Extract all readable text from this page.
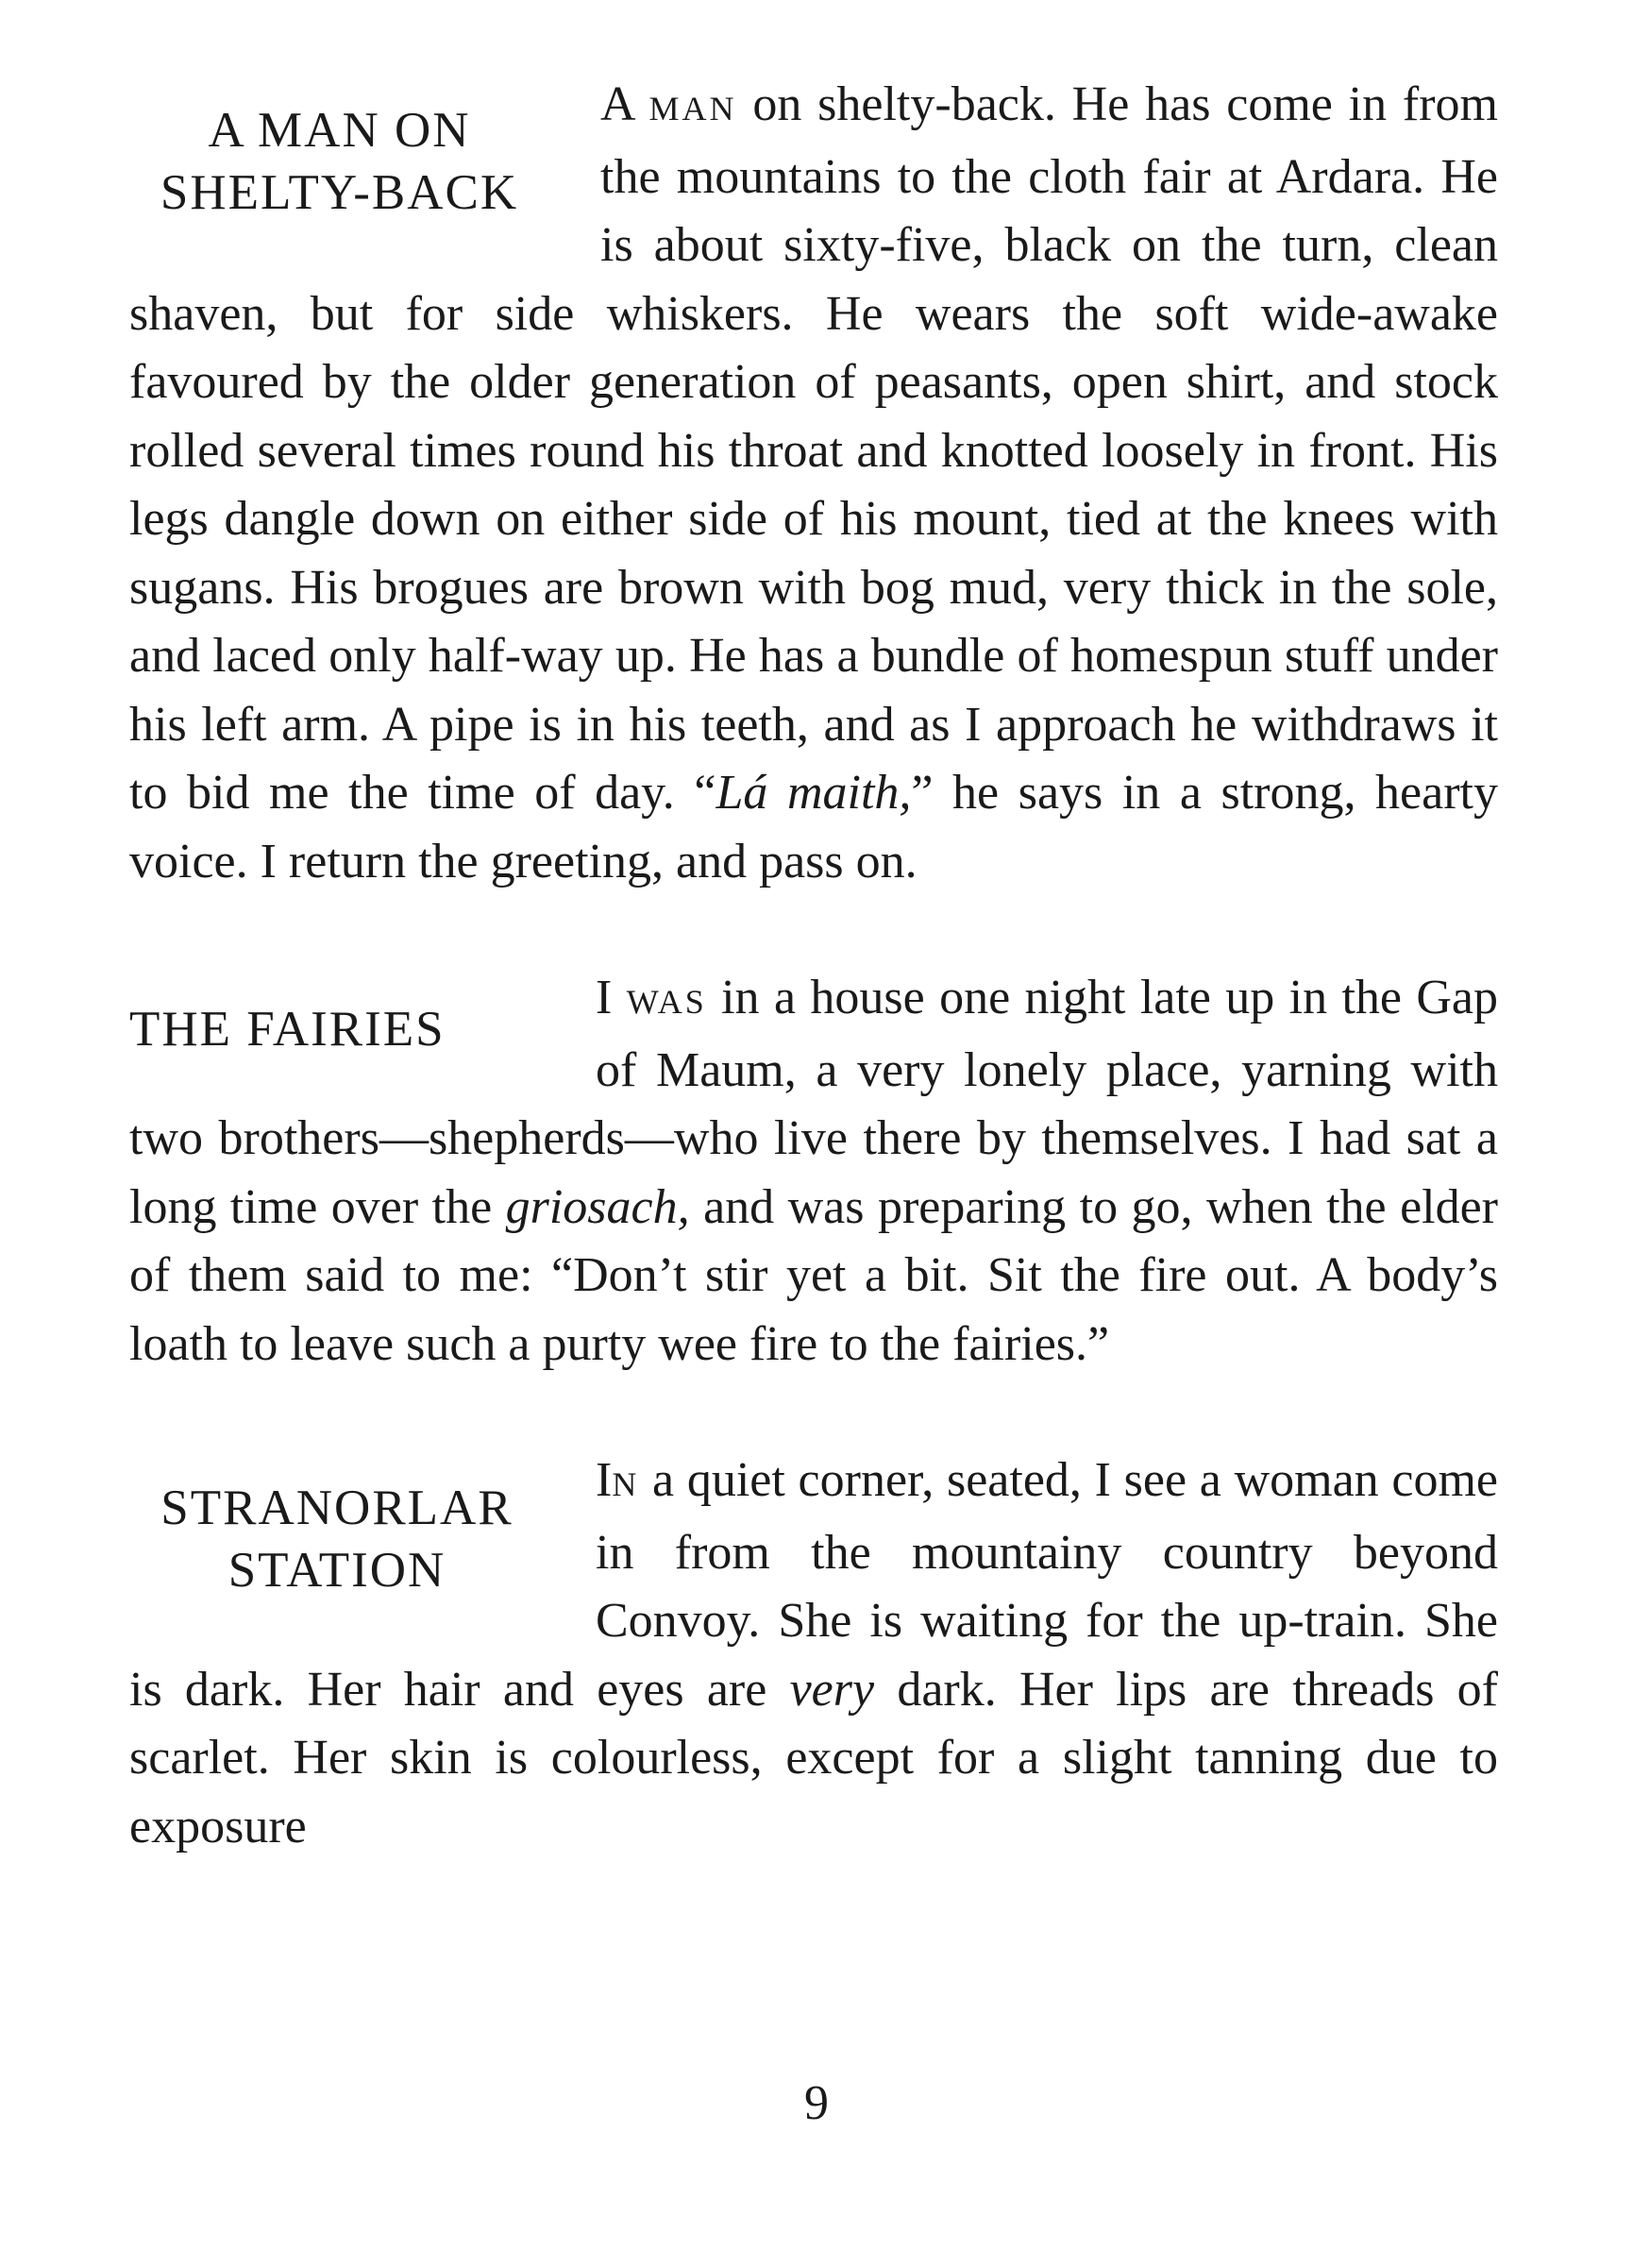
A MAN ON
SHELTY-BACK
A MAN on shelty-back. He has come in from the mountains to the cloth fair at Ardara. He is about sixty-five, black on the turn, clean shaven, but for side whiskers. He wears the soft wide-awake favoured by the older generation of peasants, open shirt, and stock rolled several times round his throat and knotted loosely in front. His legs dangle down on either side of his mount, tied at the knees with sugans. His brogues are brown with bog mud, very thick in the sole, and laced only half-way up. He has a bundle of homespun stuff under his left arm. A pipe is in his teeth, and as I approach he withdraws it to bid me the time of day. “Lá maith,” he says in a strong, hearty voice. I return the greeting, and pass on.
THE FAIRIES
I WAS in a house one night late up in the Gap of Maum, a very lonely place, yarning with two brothers—shepherds—who live there by themselves. I had sat a long time over the griosach, and was preparing to go, when the elder of them said to me: “Don’t stir yet a bit. Sit the fire out. A body’s loath to leave such a purty wee fire to the fairies.”
STRANORLAR
STATION
IN a quiet corner, seated, I see a woman come in from the mountainy country beyond Convoy. She is waiting for the up-train. She is dark. Her hair and eyes are very dark. Her lips are threads of scarlet. Her skin is colourless, except for a slight tanning due to exposure
9
